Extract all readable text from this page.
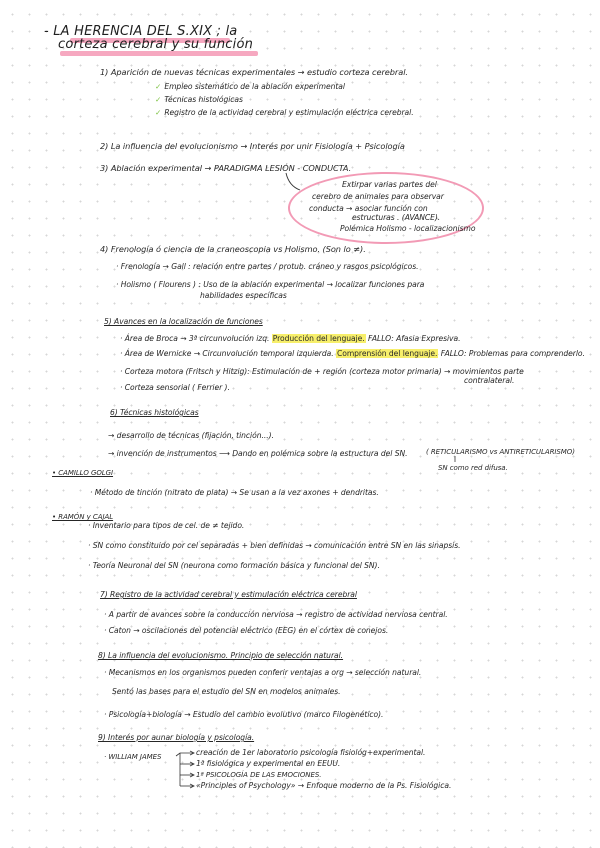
- LA HERENCIA DEL S.XIX ; la
corteza cerebral y su función
1) Aparición de nuevas técnicas experimentales → estudio corteza cerebral.
✓ Empleo sistemático de la ablación experimental
✓ Técnicas histológicas
✓ Registro de la actividad cerebral y estimulación eléctrica cerebral.
2) La influencia del evolucionismo → Interés por unir Fisiología + Psicología
3) Ablación experimental → PARADIGMA LESIÓN - CONDUCTA.
Extirpar varias partes del
cerebro de animales para observar
conducta → asociar función con
estructuras . (AVANCE).
Polémica Holismo - localizacionismo
4) Frenología ó ciencia de la craneoscopia vs Holismo. (Son lo ≠).
· Frenología → Gall : relación entre partes / protub. cráneo y rasgos psicológicos.
· Holismo ( Flourens ) : Uso de la ablación experimental → localizar funciones para
habilidades específicas
5) Avances en la localización de funciones
· Área de Broca → 3ª circunvolución izq. Producción del lenguaje. FALLO: Afasia Expresiva.
· Área de Wernicke → Circunvolución temporal izquierda. Comprensión del lenguaje. FALLO: Problemas para comprenderlo.
· Corteza motora (Fritsch y Hitzig): Estimulación de + región (corteza motor primaria) → movimientos parte
contralateral.
· Corteza sensorial ( Ferrier ).
6) Técnicas histológicas
→ desarrollo de técnicas (fijación, tinción...).
→ invención de instrumentos ⟶ Dando en polémica sobre la estructura del SN.	( RETICULARISMO vs ANTIRETICULARISMO)
SN como red difusa.
• CAMILLO GOLGI
· Método de tinción (nitrato de plata) → Se usan a la vez axones + dendritas.
• RAMÓN y CAJAL
· Inventario para tipos de cel. de ≠ tejido.
· SN como constituido por cel separadas + bien definidas → comunicación entre SN en las sinapsis.
· Teoría Neuronal del SN (neurona como formación básica y funcional del SN).
7) Registro de la actividad cerebral y estimulación eléctrica cerebral
· A partir de avances sobre la conducción nerviosa → registro de actividad nerviosa central.
· Caton → oscilaciones del potencial eléctrico (EEG) en el córtex de conejos.
8) La influencia del evolucionismo. Principio de selección natural.
· Mecanismos en los organismos pueden conferir ventajas a org → selección natural.
Sentó las bases para el estudio del SN en modelos animales.
· Psicología+biología → Estudio del cambio evolutivo (marco Filogenético).
9) Interés por aunar biología y psicología.
· WILLIAM JAMES	creación de 1er laboratorio psicología fisiológ+experimental.
1ª fisiológica y experimental en EEUU.
1ª PSICOLOGÍA DE LAS EMOCIONES.
«Principles of Psychology» → Enfoque moderno de la Ps. Fisiológica.
